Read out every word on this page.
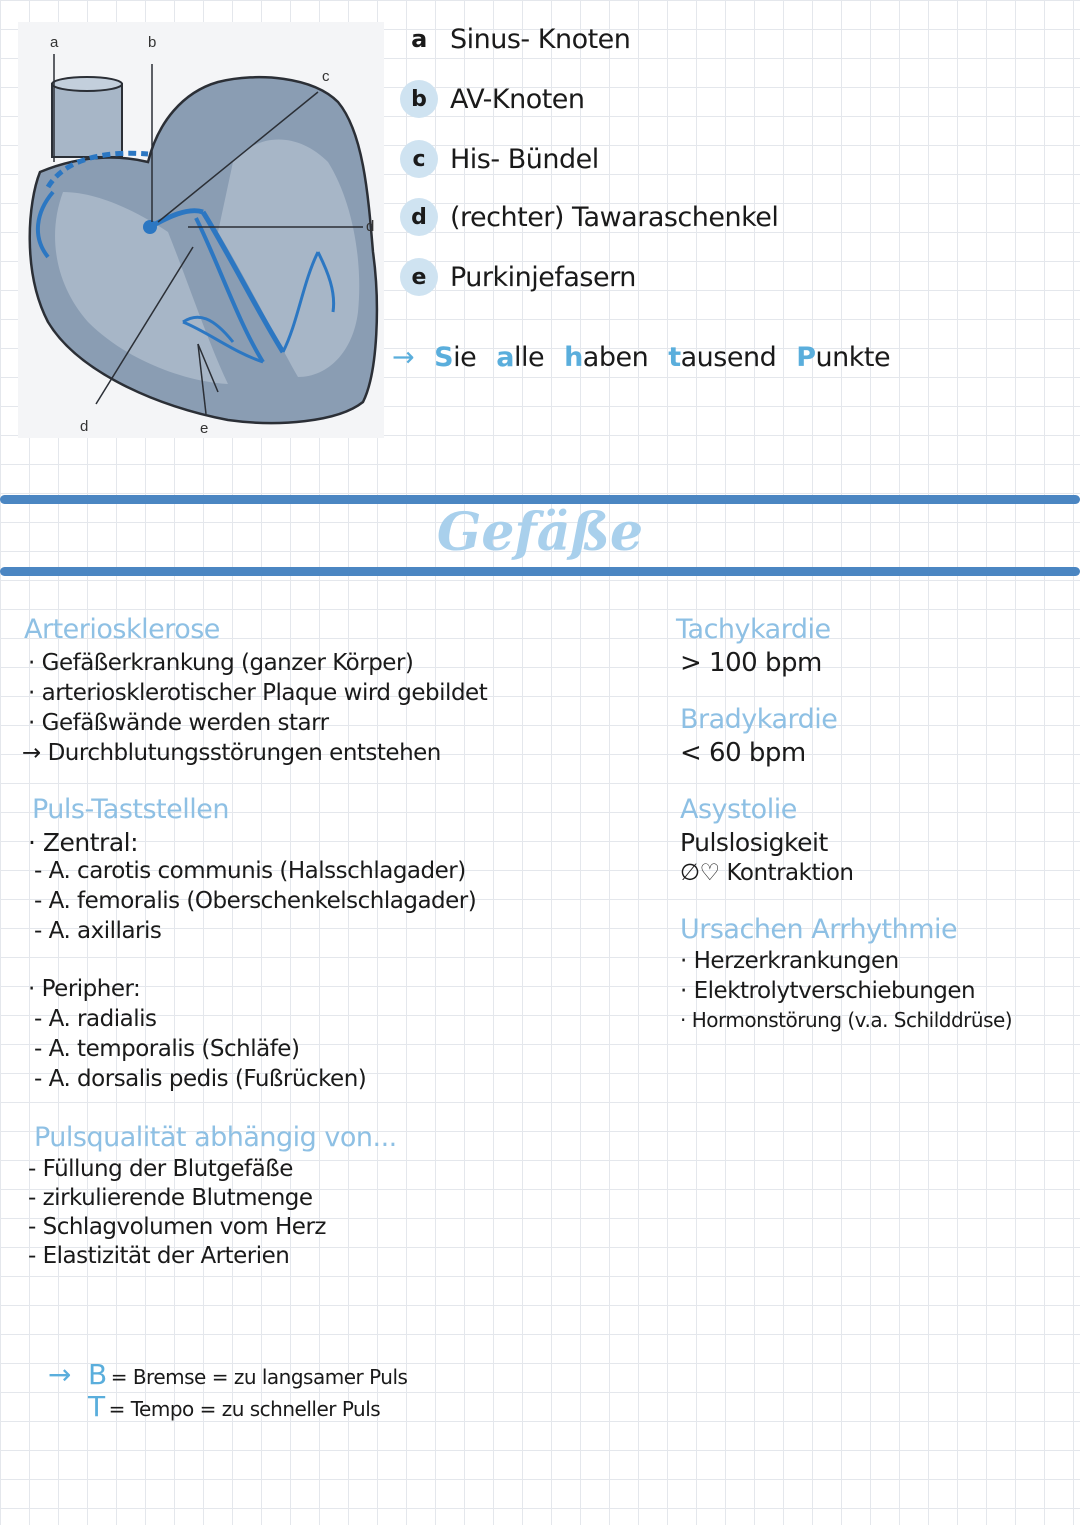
a	b
c
d
d	e
a Sinus- Knoten
b AV-Knoten
c His- Bündel
d (rechter) Tawaraschenkel
e Purkinjefasern
→ Sie alle haben tausend Punkte
Gefäße
Arteriosklerose
· Gefäßerkrankung (ganzer Körper)
· arteriosklerotischer Plaque wird gebildet
· Gefäßwände werden starr
→ Durchblutungsstörungen entstehen
Puls-Taststellen
· Zentral:
- A. carotis communis (Halsschlagader)
- A. femoralis (Oberschenkelschlagader)
- A. axillaris
· Peripher:
- A. radialis
- A. temporalis (Schläfe)
- A. dorsalis pedis (Fußrücken)
Pulsqualität abhängig von...
- Füllung der Blutgefäße
- zirkulierende Blutmenge
- Schlagvolumen vom Herz
- Elastizität der Arterien
→ B = Bremse = zu langsamer Puls
T = Tempo = zu schneller Puls
Tachykardie
> 100 bpm
Bradykardie
< 60 bpm
Asystolie
Pulslosigkeit
∅♡ Kontraktion
Ursachen Arrhythmie
· Herzerkrankungen
· Elektrolytverschiebungen
· Hormonstörung (v.a. Schilddrüse)
